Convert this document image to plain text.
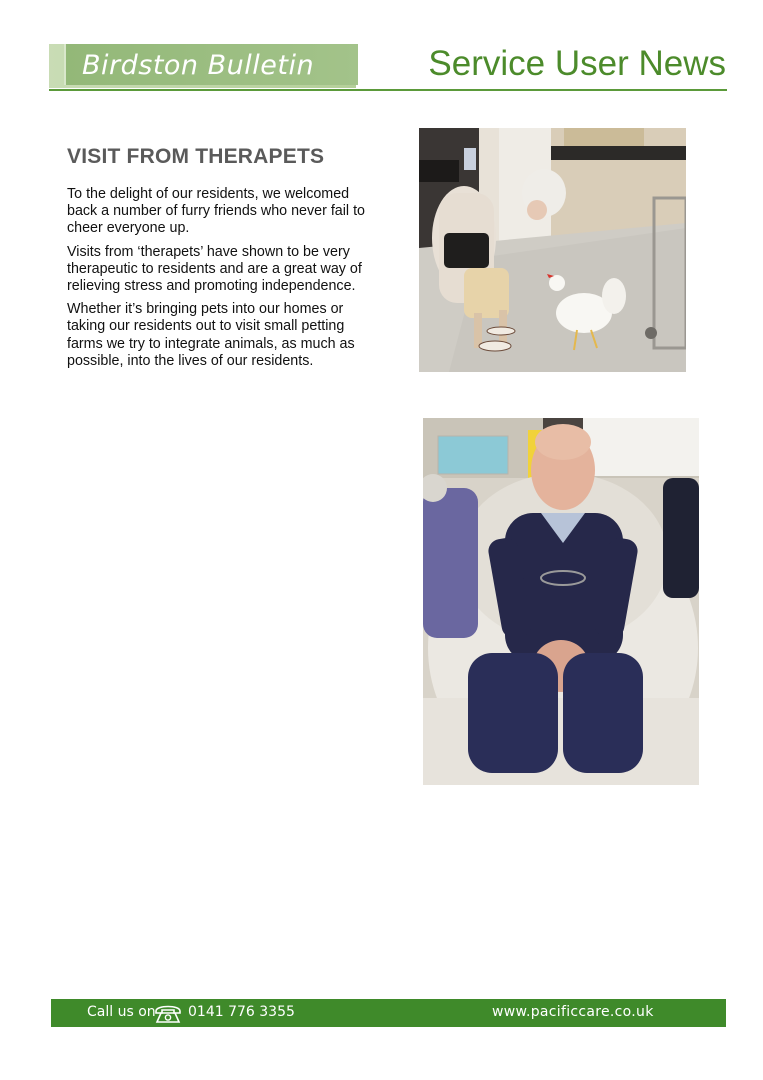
Birdston Bulletin	Service User News
VISIT FROM THERAPETS

To the delight of our residents, we welcomed back a number of furry friends who never fail to cheer everyone up.

Visits from ‘therapets’ have shown to be very therapeutic to residents and are a great way of relieving stress and promoting independence.

Whether it’s bringing pets into our homes or taking our residents out to visit small petting farms we try to integrate animals, as much as possible, into the lives of our residents.

Call us on 0141 776 3355	www.pacificcare.co.uk
